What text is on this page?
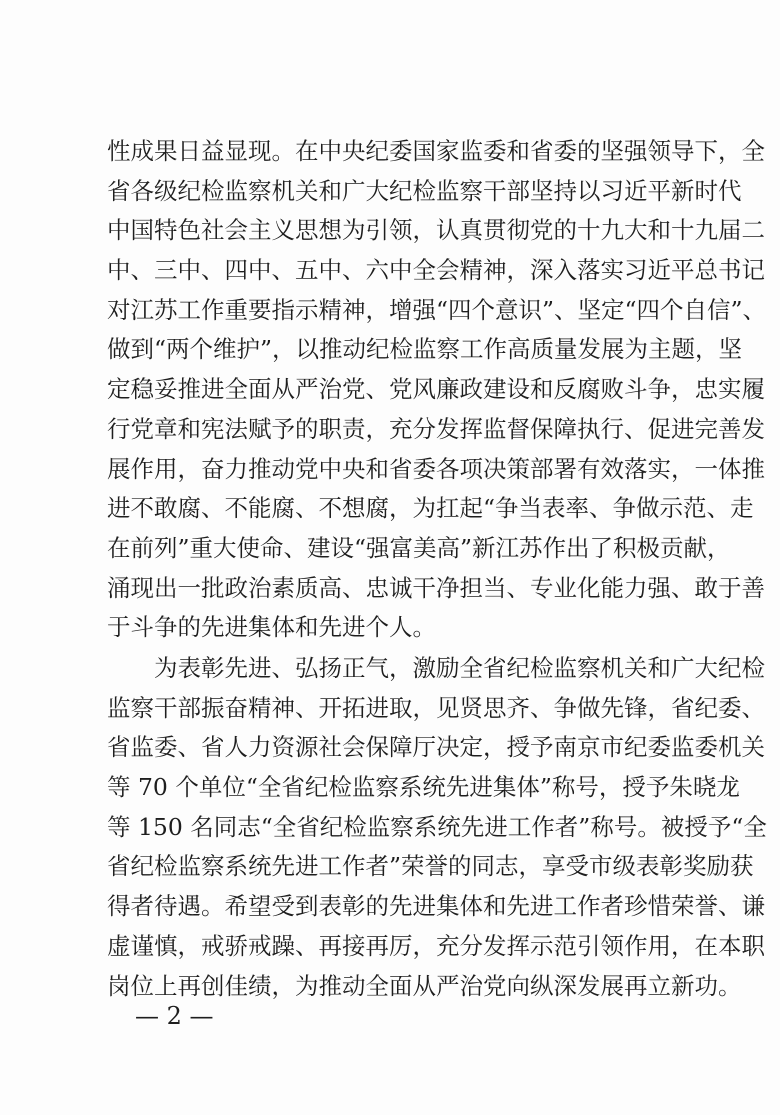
性成果日益显现。在中央纪委国家监委和省委的坚强领导下，全
省各级纪检监察机关和广大纪检监察干部坚持以习近平新时代
中国特色社会主义思想为引领，认真贯彻党的十九大和十九届二
中、三中、四中、五中、六中全会精神，深入落实习近平总书记
对江苏工作重要指示精神，增强“四个意识”、坚定“四个自信”、
做到“两个维护”，以推动纪检监察工作高质量发展为主题，坚
定稳妥推进全面从严治党、党风廉政建设和反腐败斗争，忠实履
行党章和宪法赋予的职责，充分发挥监督保障执行、促进完善发
展作用，奋力推动党中央和省委各项决策部署有效落实，一体推
进不敢腐、不能腐、不想腐，为扛起“争当表率、争做示范、走
在前列”重大使命、建设“强富美高”新江苏作出了积极贡献，
涌现出一批政治素质高、忠诚干净担当、专业化能力强、敢于善
于斗争的先进集体和先进个人。
为表彰先进、弘扬正气，激励全省纪检监察机关和广大纪检
监察干部振奋精神、开拓进取，见贤思齐、争做先锋，省纪委、
省监委、省人力资源社会保障厅决定，授予南京市纪委监委机关
等 70 个单位“全省纪检监察系统先进集体”称号，授予朱晓龙
等 150 名同志“全省纪检监察系统先进工作者”称号。被授予“全
省纪检监察系统先进工作者”荣誉的同志，享受市级表彰奖励获
得者待遇。希望受到表彰的先进集体和先进工作者珍惜荣誉、谦
虚谨慎，戒骄戒躁、再接再厉，充分发挥示范引领作用，在本职
岗位上再创佳绩，为推动全面从严治党向纵深发展再立新功。
— 2 —
